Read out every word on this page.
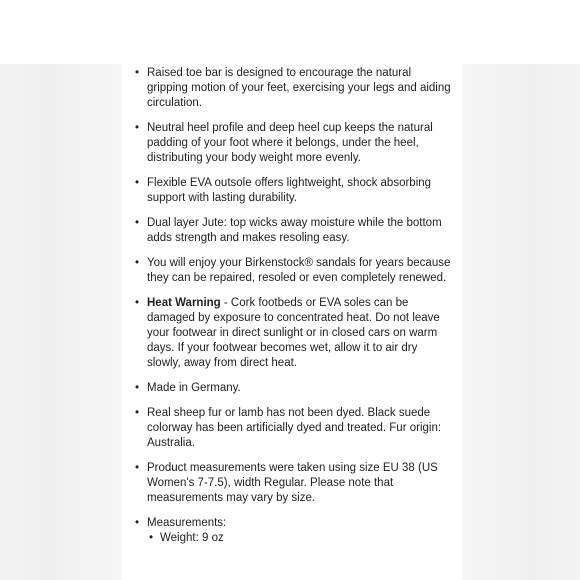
• Raised toe bar is designed to encourage the natural gripping motion of your feet, exercising your legs and aiding circulation.
• Neutral heel profile and deep heel cup keeps the natural padding of your foot where it belongs, under the heel, distributing your body weight more evenly.
• Flexible EVA outsole offers lightweight, shock absorbing support with lasting durability.
• Dual layer Jute: top wicks away moisture while the bottom adds strength and makes resoling easy.
• You will enjoy your Birkenstock® sandals for years because they can be repaired, resoled or even completely renewed.
• Heat Warning - Cork footbeds or EVA soles can be damaged by exposure to concentrated heat. Do not leave your footwear in direct sunlight or in closed cars on warm days. If your footwear becomes wet, allow it to air dry slowly, away from direct heat.
• Made in Germany.
• Real sheep fur or lamb has not been dyed. Black suede colorway has been artificially dyed and treated. Fur origin: Australia.
• Product measurements were taken using size EU 38 (US Women's 7-7.5), width Regular. Please note that measurements may vary by size.
• Measurements:
• Weight: 9 oz
